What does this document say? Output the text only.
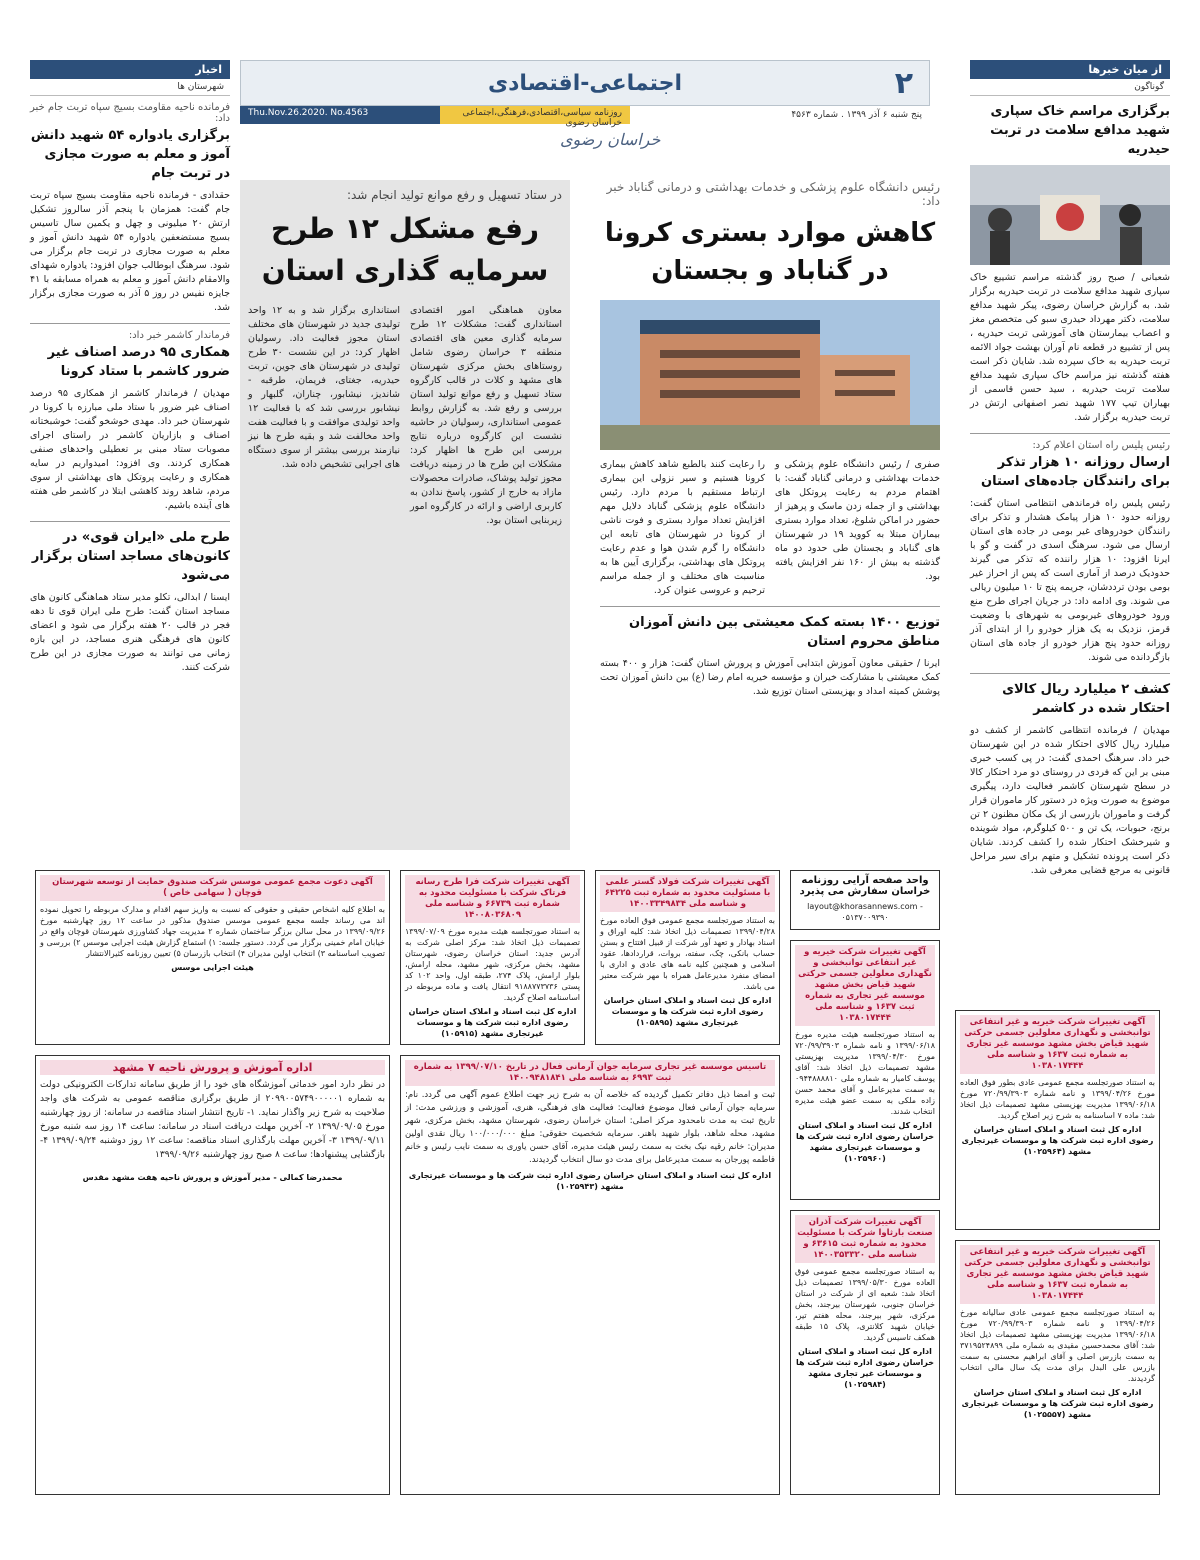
۲
اجتماعی-اقتصادی
پنج شنبه ۶ آذر ۱۳۹۹ . شماره ۴۵۶۳
روزنامه سیاسی،اقتصادی،فرهنگی،اجتماعی خراسان رضوی
Thu.Nov.26.2020. No.4563
خراسان رضوی
از میان خبرها
گوناگون
برگزاری مراسم خاک سپاری شهید مدافع سلامت در تربت حیدریه

شعبانی / صبح روز گذشته مراسم تشییع خاک سپاری شهید مدافع سلامت در تربت حیدریه برگزار شد. به گزارش خراسان رضوی، پیکر شهید مدافع سلامت، دکتر مهرداد حیدری سبو کی متخصص مغز و اعصاب بیمارستان های آموزشی تربت حیدریه ، پس از تشییع در قطعه نام آوران بهشت جواد الائمه تربت حیدریه به خاک سپرده شد. شایان ذکر است هفته گذشته نیز مراسم خاک سپاری شهید مدافع سلامت تربت حیدریه ، سید حسن قاسمی از بهیاران تیپ ۱۷۷ شهید نصر اصفهانی ارتش در تربت حیدریه برگزار شد.

رئیس پلیس راه استان اعلام کرد:
ارسال روزانه ۱۰ هزار تذکر برای رانندگان جاده‌های استان

رئیس پلیس راه فرماندهی انتظامی استان گفت: روزانه حدود ۱۰ هزار پیامک هشدار و تذکر برای رانندگان خودروهای غیر بومی در جاده های استان ارسال می شود. سرهنگ اسدی در گفت و گو با ایرنا افزود: ۱۰ هزار راننده که تذکر می گیرند حدودیک درصد از آماری است که پس از احراز غیر بومی بودن ترددشان، جریمه پنج تا ۱۰ میلیون ریالی می شوند. وی ادامه داد: در جریان اجرای طرح منع ورود خودروهای غیربومی به شهرهای با وضعیت قرمز، نزدیک به یک هزار خودرو را از ابتدای آذر روزانه حدود پنج هزار خودرو از جاده های استان بازگردانده می شوند.

کشف ۲ میلیارد ریال کالای احتکار شده در کاشمر

مهدیان / فرمانده انتظامی کاشمر از کشف دو میلیارد ریال کالای احتکار شده در این شهرستان خبر داد. سرهنگ احمدی گفت: در پی کسب خبری مبنی بر این که فردی در روستای دو مرد احتکار کالا در سطح شهرستان کاشمر فعالیت دارد، پیگیری موضوع به صورت ویژه در دستور کار ماموران قرار گرفت و ماموران بازرسی از یک مکان مظنون ۲ تن برنج، حبوبات، یک تن و ۵۰۰ کیلوگرم، مواد شوینده و شیرخشک احتکار شده را کشف کردند. شایان ذکر است پرونده تشکیل و متهم برای سیر مراحل قانونی به مرجع قضایی معرفی شد.

اخبار
شهرستان ها
فرمانده ناحیه مقاومت بسیج سپاه تربت جام خبر داد:
برگزاری یادواره ۵۴ شهید دانش آموز و معلم به صورت مجازی در تربت جام

حقدادی - فرمانده ناحیه مقاومت بسیج سپاه تربت جام گفت: همزمان با پنجم آذر سالروز تشکیل ارتش ۲۰ میلیونی و چهل و یکمین سال تاسیس بسیج مستضعفین یادواره ۵۴ شهید دانش آموز و معلم به صورت مجازی در تربت جام برگزار می شود. سرهنگ ابوطالب جوان افزود: یادواره شهدای والامقام دانش آموز و معلم به همراه مسابقه با ۴۱ جایزه نفیس در روز ۵ آذر به صورت مجازی برگزار شد.

فرماندار کاشمر خبر داد:
همکاری ۹۵ درصد اصناف غیر ضرور کاشمر با ستاد کرونا

مهدیان / فرماندار کاشمر از همکاری ۹۵ درصد اصناف غیر ضرور با ستاد ملی مبارزه با کرونا در شهرستان خبر داد. مهدی خوشخو گفت: خوشبختانه اصناف و بازاریان کاشمر در راستای اجرای مصوبات ستاد مبنی بر تعطیلی واحدهای صنفی همکاری کردند. وی افزود: امیدواریم در سایه همکاری و رعایت پروتکل های بهداشتی از سوی مردم، شاهد روند کاهشی ابتلا در کاشمر طی هفته های آینده باشیم.

طرح ملی «ایران قوی» در کانون‌های مساجد استان برگزار می‌شود

ایسنا / ابدالی، تکلو مدیر ستاد هماهنگی کانون های مساجد استان گفت: طرح ملی ایران قوی تا دهه فجر در قالب ۲۰ هفته برگزار می شود و اعضای کانون های فرهنگی هنری مساجد، در این بازه زمانی می توانند به صورت مجازی در این طرح شرکت کنند.

رئیس دانشگاه علوم پزشکی و خدمات بهداشتی و درمانی گناباد خبر داد:
کاهش موارد بستری کرونا در گناباد و بجستان

صفری / رئیس دانشگاه علوم پزشکی و خدمات بهداشتی و درمانی گناباد گفت: با اهتمام مردم به رعایت پروتکل های بهداشتی و از جمله زدن ماسک و پرهیز از حضور در اماکن شلوغ، تعداد موارد بستری بیماران مبتلا به کووید ۱۹ در شهرستان های گناباد و بجستان طی حدود دو ماه گذشته به بیش از ۱۶۰ نفر افزایش یافته بود.

را رعایت کنند بالطبع شاهد کاهش بیماری کرونا هستیم و سیر نزولی این بیماری ارتباط مستقیم با مردم دارد. رئیس دانشگاه علوم پزشکی گناباد دلایل مهم افزایش تعداد موارد بستری و فوت ناشی از کرونا در شهرستان های تابعه این دانشگاه را گرم شدن هوا و عدم رعایت پروتکل های بهداشتی، برگزاری آیین ها به مناسبت های مختلف و از جمله مراسم ترحیم و عروسی عنوان کرد.

توزیع ۱۴۰۰ بسته کمک معیشتی بین دانش آموزان مناطق محروم استان

ایرنا / حقیقی معاون آموزش ابتدایی آموزش و پرورش استان گفت: هزار و ۴۰۰ بسته کمک معیشتی با مشارکت خیران و مؤسسه خیریه امام رضا (ع) بین دانش آموزان تحت پوشش کمیته امداد و بهزیستی استان توزیع شد.

در ستاد تسهیل و رفع موانع تولید انجام شد:
رفع مشکل ۱۲ طرح سرمایه گذاری استان

معاون هماهنگی امور اقتصادی استانداری گفت: مشکلات ۱۲ طرح سرمایه گذاری معین های اقتصادی منطقه ۳ خراسان رضوی شامل روستاهای بخش مرکزی شهرستان های مشهد و کلات در قالب کارگروه ستاد تسهیل و رفع موانع تولید استان بررسی و رفع شد. به گزارش روابط عمومی استانداری، رسولیان در حاشیه نشست این کارگروه درباره نتایج بررسی این طرح ها اظهار کرد: مشکلات این طرح ها در زمینه دریافت مجوز تولید پوشاک، صادرات محصولات مازاد به خارج از کشور، پاسخ ندادن به کاربری اراضی و ارائه در کارگروه امور زیربنایی استان بود.

استانداری برگزار شد و به ۱۲ واحد تولیدی جدید در شهرستان های مختلف استان مجوز فعالیت داد. رسولیان اظهار کرد: در این نشست ۳۰ طرح تولیدی در شهرستان های جوین، تربت حیدریه، جغتای، فریمان، طرقبه - شاندیز، نیشابور، چناران، گلبهار و نیشابور بررسی شد که با فعالیت ۱۲ واحد تولیدی موافقت و با فعالیت هفت واحد مخالفت شد و بقیه طرح ها نیز نیازمند بررسی بیشتر از سوی دستگاه های اجرایی تشخیص داده شد.

آگهی دعوت مجمع عمومی موسس شرکت صندوق حمایت از توسعه شهرستان قوچان ( سهامی خاص )
به اطلاع کلیه اشخاص حقیقی و حقوقی که نسبت به واریز سهم اقدام و مدارک مربوطه را تحویل نموده اند می رساند جلسه مجمع عمومی موسس صندوق مذکور در ساعت ۱۲ روز چهارشنبه مورخ ۱۳۹۹/۰۹/۲۶ در محل سالن برزگر ساختمان شماره ۲ مدیریت جهاد کشاورزی شهرستان قوچان واقع در خیابان امام خمینی برگزار می گردد. دستور جلسه: ۱) استماع گزارش هیئت اجرایی موسس ۲) بررسی و تصویب اساسنامه ۳) انتخاب اولین مدیران ۴) انتخاب بازرسان ۵) تعیین روزنامه کثیرالانتشار
هیئت اجرایی موسس
آگهی تغییرات شرکت فرا طرح رسانه فرتاک شرکت با مسئولیت محدود به شماره ثبت ۶۶۷۳۹ و شناسه ملی ۱۴۰۰۸۰۳۶۸۰۹
به استناد صورتجلسه هیئت مدیره مورخ ۱۳۹۹/۰۷/۰۹ تصمیمات ذیل اتخاذ شد: مرکز اصلی شرکت به آدرس جدید: استان خراسان رضوی، شهرستان مشهد، بخش مرکزی، شهر مشهد، محله ارامش، بلوار ارامش، پلاک ۲۷۴، طبقه اول، واحد ۱۰۲ کد پستی ۹۱۸۸۷۷۳۷۳۶ انتقال یافت و ماده مربوطه در اساسنامه اصلاح گردید.
اداره کل ثبت اسناد و املاک استان خراسان رضوی اداره ثبت شرکت ها و موسسات غیرتجاری مشهد (۱۰۵۹۱۵)
آگهی تغییرات شرکت فولاد گستر علمی با مسئولیت محدود به شماره ثبت ۶۴۲۲۵ و شناسه ملی ۱۴۰۰۳۳۴۹۸۳۴
به استناد صورتجلسه مجمع عمومی فوق العاده مورخ ۱۳۹۹/۰۴/۲۸ تصمیمات ذیل اتخاذ شد: کلیه اوراق و اسناد بهادار و تعهد آور شرکت از قبیل افتتاح و بستن حساب بانکی، چک، سفته، بروات، قراردادها، عقود اسلامی و همچنین کلیه نامه های عادی و اداری با امضای منفرد مدیرعامل همراه با مهر شرکت معتبر می باشد.
اداره کل ثبت اسناد و املاک استان خراسان رضوی اداره ثبت شرکت ها و موسسات غیرتجاری مشهد (۱۰۵۸۹۵)
واحد صفحه آرایی روزنامه خراسان سفارش می پذیرد
layout@khorasannews.com - ۰۵۱۳۷۰۰۹۳۹۰
آگهی تغییرات شرکت خیریه و غیر انتفاعی توانبخشی و نگهداری معلولین جسمی حرکتی شهید قیاض بخش مشهد موسسه غیر تجاری به شماره ثبت ۱۶۳۷ و شناسه ملی ۱۰۳۸۰۱۷۴۴۴
به استناد صورتجلسه هیئت مدیره مورخ ۱۳۹۹/۰۶/۱۸ و نامه شماره ۷۲۰/۹۹/۳۹۰۳ مورخ ۱۳۹۹/۰۴/۳۰ مدیریت بهزیستی مشهد تصمیمات ذیل اتخاذ شد: آقای یوسف کامیار به شماره ملی ۰۹۴۴۸۸۸۸۱۰ به سمت مدیرعامل و آقای محمد حسن زاده ملکی به سمت عضو هیئت مدیره انتخاب شدند.
اداره کل ثبت اسناد و املاک استان خراسان رضوی اداره ثبت شرکت ها و موسسات غیرتجاری مشهد (۱۰۲۵۹۶۰)
آگهی تغییرات شرکت خیریه و غیر انتفاعی توانبخشی و نگهداری معلولین جسمی حرکتی شهید قیاض بخش مشهد موسسه غیر تجاری به شماره ثبت ۱۶۳۷ و شناسه ملی ۱۰۳۸۰۱۷۴۴۴
به استناد صورتجلسه مجمع عمومی عادی بطور فوق العاده مورخ ۱۳۹۹/۰۴/۲۶ و نامه شماره ۷۲۰/۹۹/۳۹۰۳ مورخ ۱۳۹۹/۰۶/۱۸ مدیریت بهزیستی مشهد تصمیمات ذیل اتخاذ شد: ماده ۷ اساسنامه به شرح زیر اصلاح گردید.
اداره کل ثبت اسناد و املاک استان خراسان رضوی اداره ثبت شرکت ها و موسسات غیرتجاری مشهد (۱۰۲۵۹۶۴)
اداره آموزش و پرورش ناحیه ۷ مشهد
در نظر دارد امور خدماتی آموزشگاه های خود را از طریق سامانه تدارکات الکترونیکی دولت به شماره ۲۰۹۹۰۰۵۷۴۹۰۰۰۰۰۱ از طریق برگزاری مناقصه عمومی به شرکت های واجد صلاحیت به شرح زیر واگذار نماید. ۱- تاریخ انتشار اسناد مناقصه در سامانه: از روز چهارشنبه مورخ ۱۳۹۹/۰۹/۰۵ ۲- آخرین مهلت دریافت اسناد در سامانه: ساعت ۱۴ روز سه شنبه مورخ ۱۳۹۹/۰۹/۱۱ ۳- آخرین مهلت بارگذاری اسناد مناقصه: ساعت ۱۲ روز دوشنبه ۱۳۹۹/۰۹/۲۴ ۴- بازگشایی پیشنهادها: ساعت ۸ صبح روز چهارشنبه ۱۳۹۹/۰۹/۲۶
محمدرضا کمالی - مدیر آموزش و پرورش ناحیه هفت مشهد مقدس
تاسیس موسسه غیر تجاری سرمایه جوان آرمانی فعال در تاریخ ۱۳۹۹/۰۷/۱۰ به شماره ثبت ۶۹۹۳ به شناسه ملی ۱۴۰۰۹۴۸۱۸۴۱
ثبت و امضا ذیل دفاتر تکمیل گردیده که خلاصه آن به شرح زیر جهت اطلاع عموم آگهی می گردد. نام: سرمایه جوان آرمانی فعال موضوع فعالیت: فعالیت های فرهنگی، هنری، آموزشی و ورزشی مدت: از تاریخ ثبت به مدت نامحدود مرکز اصلی: استان خراسان رضوی، شهرستان مشهد، بخش مرکزی، شهر مشهد، محله شاهد، بلوار شهید باهنر. سرمایه شخصیت حقوقی: مبلغ ۱۰۰/۰۰۰/۰۰۰ ریال نقدی اولین مدیران: خانم رقیه نیک بخت به سمت رئیس هیئت مدیره، آقای حسن یاوری به سمت نایب رئیس و خانم فاطمه پورجان به سمت مدیرعامل برای مدت دو سال انتخاب گردیدند.
اداره کل ثبت اسناد و املاک استان خراسان رضوی اداره ثبت شرکت ها و موسسات غیرتجاری مشهد (۱۰۲۵۹۴۳)
آگهی تغییرات شرکت آذران صنعت بارثاوا شرکت با مسئولیت محدود به شماره ثبت ۶۳۶۱۵ و شناسه ملی ۱۴۰۰۳۵۳۳۲۰
به استناد صورتجلسه مجمع عمومی فوق العاده مورخ ۱۳۹۹/۰۵/۳۰ تصمیمات ذیل اتخاذ شد: شعبه ای از شرکت در استان خراسان جنوبی، شهرستان بیرجند، بخش مرکزی، شهر بیرجند، محله هفتم تیر، خیابان شهید کلانتری، پلاک ۱۵ طبقه همکف تاسیس گردید.
اداره کل ثبت اسناد و املاک استان خراسان رضوی اداره ثبت شرکت ها و موسسات غیر تجاری مشهد (۱۰۲۵۹۸۴)
آگهی تغییرات شرکت خیریه و غیر انتفاعی توانبخشی و نگهداری معلولین جسمی حرکتی شهید قیاض بخش مشهد موسسه غیر تجاری به شماره ثبت ۱۶۳۷ و شناسه ملی ۱۰۳۸۰۱۷۴۴۴
به استناد صورتجلسه مجمع عمومی عادی سالیانه مورخ ۱۳۹۹/۰۴/۲۶ و نامه شماره ۷۲۰/۹۹/۳۹۰۳ مورخ ۱۳۹۹/۰۶/۱۸ مدیریت بهزیستی مشهد تصمیمات ذیل اتخاذ شد: آقای محمدحسین مقیدی به شماره ملی ۳۷۱۹۵۲۴۸۹۹ به سمت بازرس اصلی و آقای ابراهیم محسنی به سمت بازرس علی البدل برای مدت یک سال مالی انتخاب گردیدند.
اداره کل ثبت اسناد و املاک استان خراسان رضوی اداره ثبت شرکت ها و موسسات غیرتجاری مشهد (۱۰۲۵۵۵۷)
